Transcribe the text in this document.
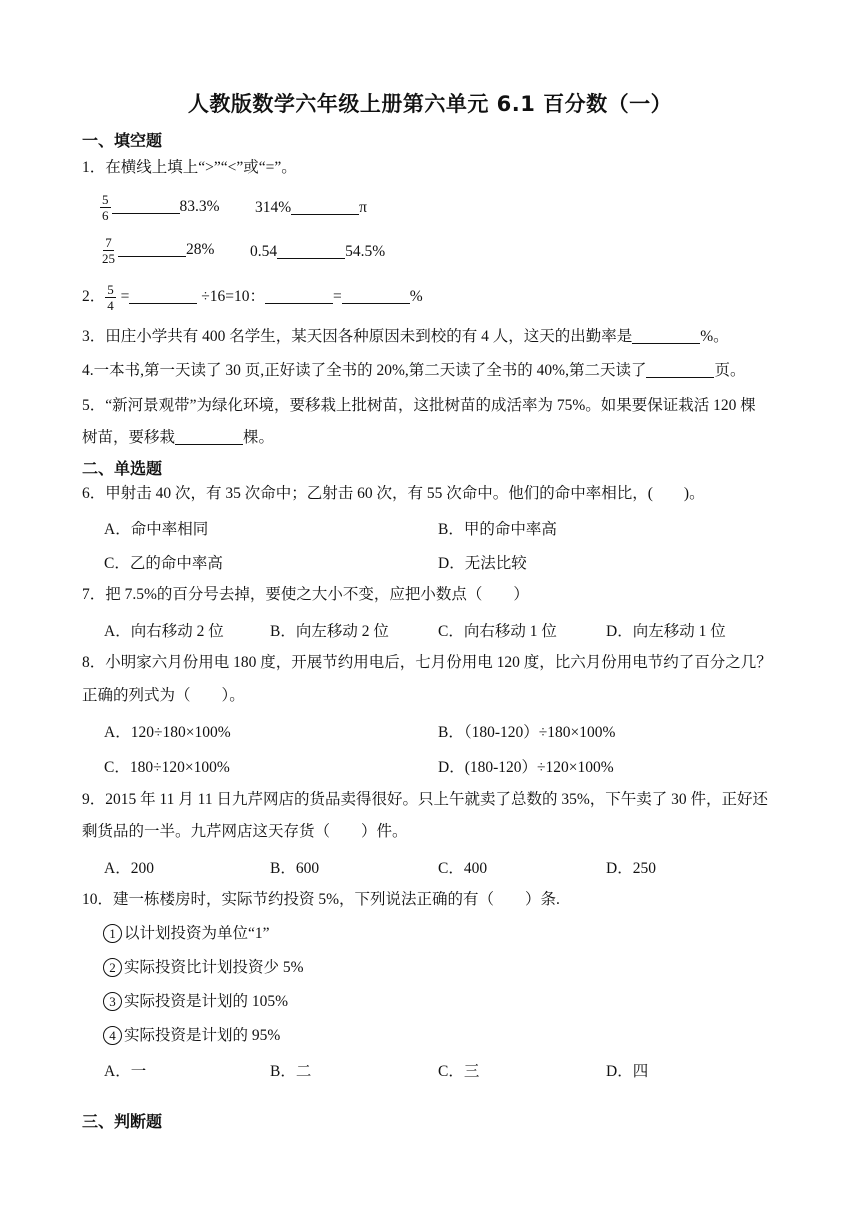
人教版数学六年级上册第六单元 6.1 百分数（一）
一、填空题
1．在横线上填上“>”“<”或“=”。
$\frac{5}{6}$	83.3% 314%	π
$\frac{7}{25}$	28% 0.54	54.5%
2． $\frac{5}{4}$ =	÷16=10：	=	%
3．田庄小学共有 400 名学生，某天因各种原因未到校的有 4 人，这天的出勤率是	%。
4.一本书,第一天读了 30 页,正好读了全书的 20%,第二天读了全书的 40%,第二天读了	页。
5．“新河景观带”为绿化环境，要移栽上批树苗，这批树苗的成活率为 75%。如果要保证栽活 120 棵
树苗，要移栽	棵。
二、单选题
6．甲射击 40 次，有 35 次命中；乙射击 60 次，有 55 次命中。他们的命中率相比，(　　)。
A．命中率相同	B．甲的命中率高
C．乙的命中率高	D．无法比较
7．把 7.5%的百分号去掉，要使之大小不变，应把小数点（　　）
A．向右移动 2 位	B．向左移动 2 位	C．向右移动 1 位	D．向左移动 1 位
8．小明家六月份用电 180 度，开展节约用电后，七月份用电 120 度，比六月份用电节约了百分之几？
正确的列式为（　　）。
A．120÷180×100%	B．（180-120）÷180×100%
C．180÷120×100%	D．(180-120）÷120×100%
9．2015 年 11 月 11 日九芹网店的货品卖得很好。只上午就卖了总数的 35%，下午卖了 30 件，正好还
剩货品的一半。九芹网店这天存货（　　）件。
A．200	B．600	C．400	D．250
10．建一栋楼房时，实际节约投资 5%，下列说法正确的有（　　）条.
1 以计划投资为单位“1”
2 实际投资比计划投资少 5%
3 实际投资是计划的 105%
4 实际投资是计划的 95%
A．一	B．二	C．三	D．四
三、判断题
